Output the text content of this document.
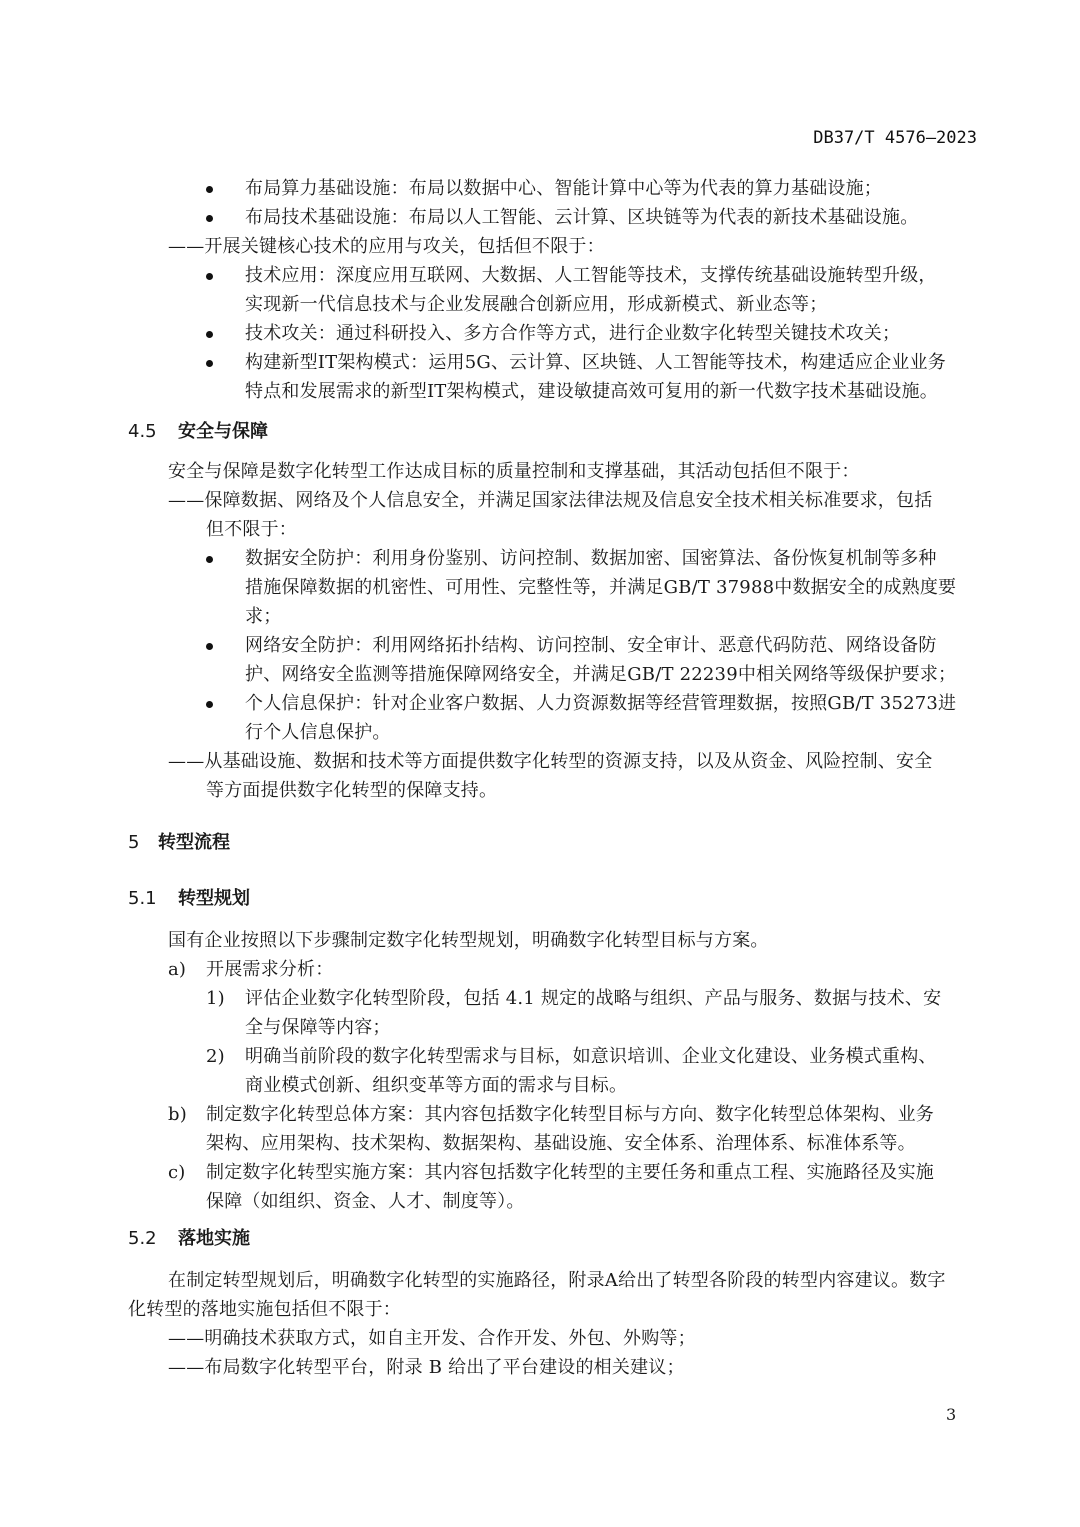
DB37/T 4576—2023
布局算力基础设施：布局以数据中心、智能计算中心等为代表的算力基础设施；
布局技术基础设施：布局以人工智能、云计算、区块链等为代表的新技术基础设施。
——开展关键核心技术的应用与攻关，包括但不限于：
技术应用：深度应用互联网、大数据、人工智能等技术，支撑传统基础设施转型升级，
实现新一代信息技术与企业发展融合创新应用，形成新模式、新业态等；
技术攻关：通过科研投入、多方合作等方式，进行企业数字化转型关键技术攻关；
构建新型IT架构模式：运用5G、云计算、区块链、人工智能等技术，构建适应企业业务
特点和发展需求的新型IT架构模式，建设敏捷高效可复用的新一代数字技术基础设施。
4.5 安全与保障
安全与保障是数字化转型工作达成目标的质量控制和支撑基础，其活动包括但不限于：
——保障数据、网络及个人信息安全，并满足国家法律法规及信息安全技术相关标准要求，包括
但不限于：
数据安全防护：利用身份鉴别、访问控制、数据加密、国密算法、备份恢复机制等多种
措施保障数据的机密性、可用性、完整性等，并满足GB/T 37988中数据安全的成熟度要
求；
网络安全防护：利用网络拓扑结构、访问控制、安全审计、恶意代码防范、网络设备防
护、网络安全监测等措施保障网络安全，并满足GB/T 22239中相关网络等级保护要求；
个人信息保护：针对企业客户数据、人力资源数据等经营管理数据，按照GB/T 35273进
行个人信息保护。
——从基础设施、数据和技术等方面提供数字化转型的资源支持，以及从资金、风险控制、安全
等方面提供数字化转型的保障支持。
5 转型流程
5.1 转型规划
国有企业按照以下步骤制定数字化转型规划，明确数字化转型目标与方案。
a) 开展需求分析：
1) 评估企业数字化转型阶段，包括 4.1 规定的战略与组织、产品与服务、数据与技术、安
全与保障等内容；
2) 明确当前阶段的数字化转型需求与目标，如意识培训、企业文化建设、业务模式重构、
商业模式创新、组织变革等方面的需求与目标。
b) 制定数字化转型总体方案：其内容包括数字化转型目标与方向、数字化转型总体架构、业务
架构、应用架构、技术架构、数据架构、基础设施、安全体系、治理体系、标准体系等。
c) 制定数字化转型实施方案：其内容包括数字化转型的主要任务和重点工程、实施路径及实施
保障（如组织、资金、人才、制度等）。
5.2 落地实施
在制定转型规划后，明确数字化转型的实施路径，附录A给出了转型各阶段的转型内容建议。数字
化转型的落地实施包括但不限于：
——明确技术获取方式，如自主开发、合作开发、外包、外购等；
——布局数字化转型平台，附录 B 给出了平台建设的相关建议；
3
